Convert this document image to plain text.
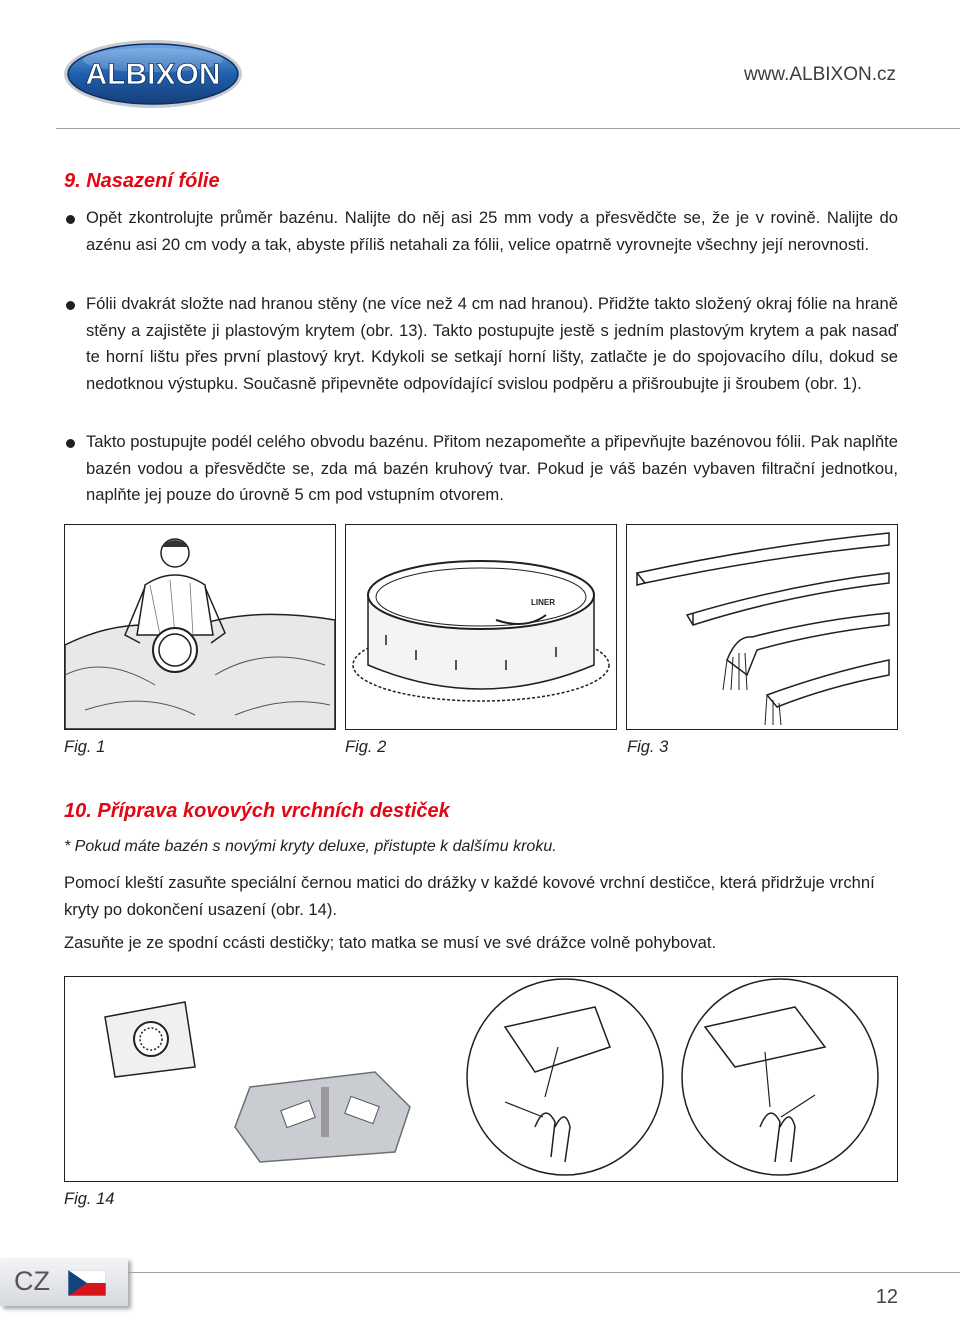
ALBIXON	www.ALBIXON.cz
9. Nasazení fólie
Opět zkontrolujte průměr bazénu. Nalijte do něj asi 25 mm vody a přesvědčte se, že je v rovině. Nalijte do azénu asi 20 cm vody a tak, abyste příliš netahali za fólii, velice opatrně vyrovnejte všechny její nerovnosti.
Fólii dvakrát složte nad hranou stěny (ne více než 4 cm nad hranou). Přidžte takto složený okraj fólie na hraně stěny a zajistěte ji plastovým krytem (obr. 13). Takto postupujte jestě s jedním plastovým krytem a pak nasaď te horní lištu přes první plastový kryt. Kdykoli se setkají horní lišty, zatlačte je do spojovacího dílu, dokud se nedotknou výstupku. Současně připevněte odpovídající svislou podpěru a přišroubujte ji šroubem (obr. 1).
Takto postupujte podél celého obvodu bazénu. Přitom nezapomeňte a připevňujte bazénovou fólii. Pak naplňte bazén vodou a přesvědčte se, zda má bazén kruhový tvar. Pokud je váš bazén vybaven filtrační jednotkou, naplňte jej pouze do úrovně 5 cm pod vstupním otvorem.
LINER
Fig. 1	Fig. 2	Fig. 3
10. Příprava kovových vrchních destiček
* Pokud máte bazén s novými kryty deluxe, přistupte k dalšímu kroku.
Pomocí kleští zasuňte speciální černou matici do drážky v každé kovové vrchní destičce, která přidržuje vrchní kryty po dokončení usazení (obr. 14).
Zasuňte je ze spodní ccásti destičky; tato matka se musí ve své drážce volně pohybovat.
Fig. 14
CZ
12
